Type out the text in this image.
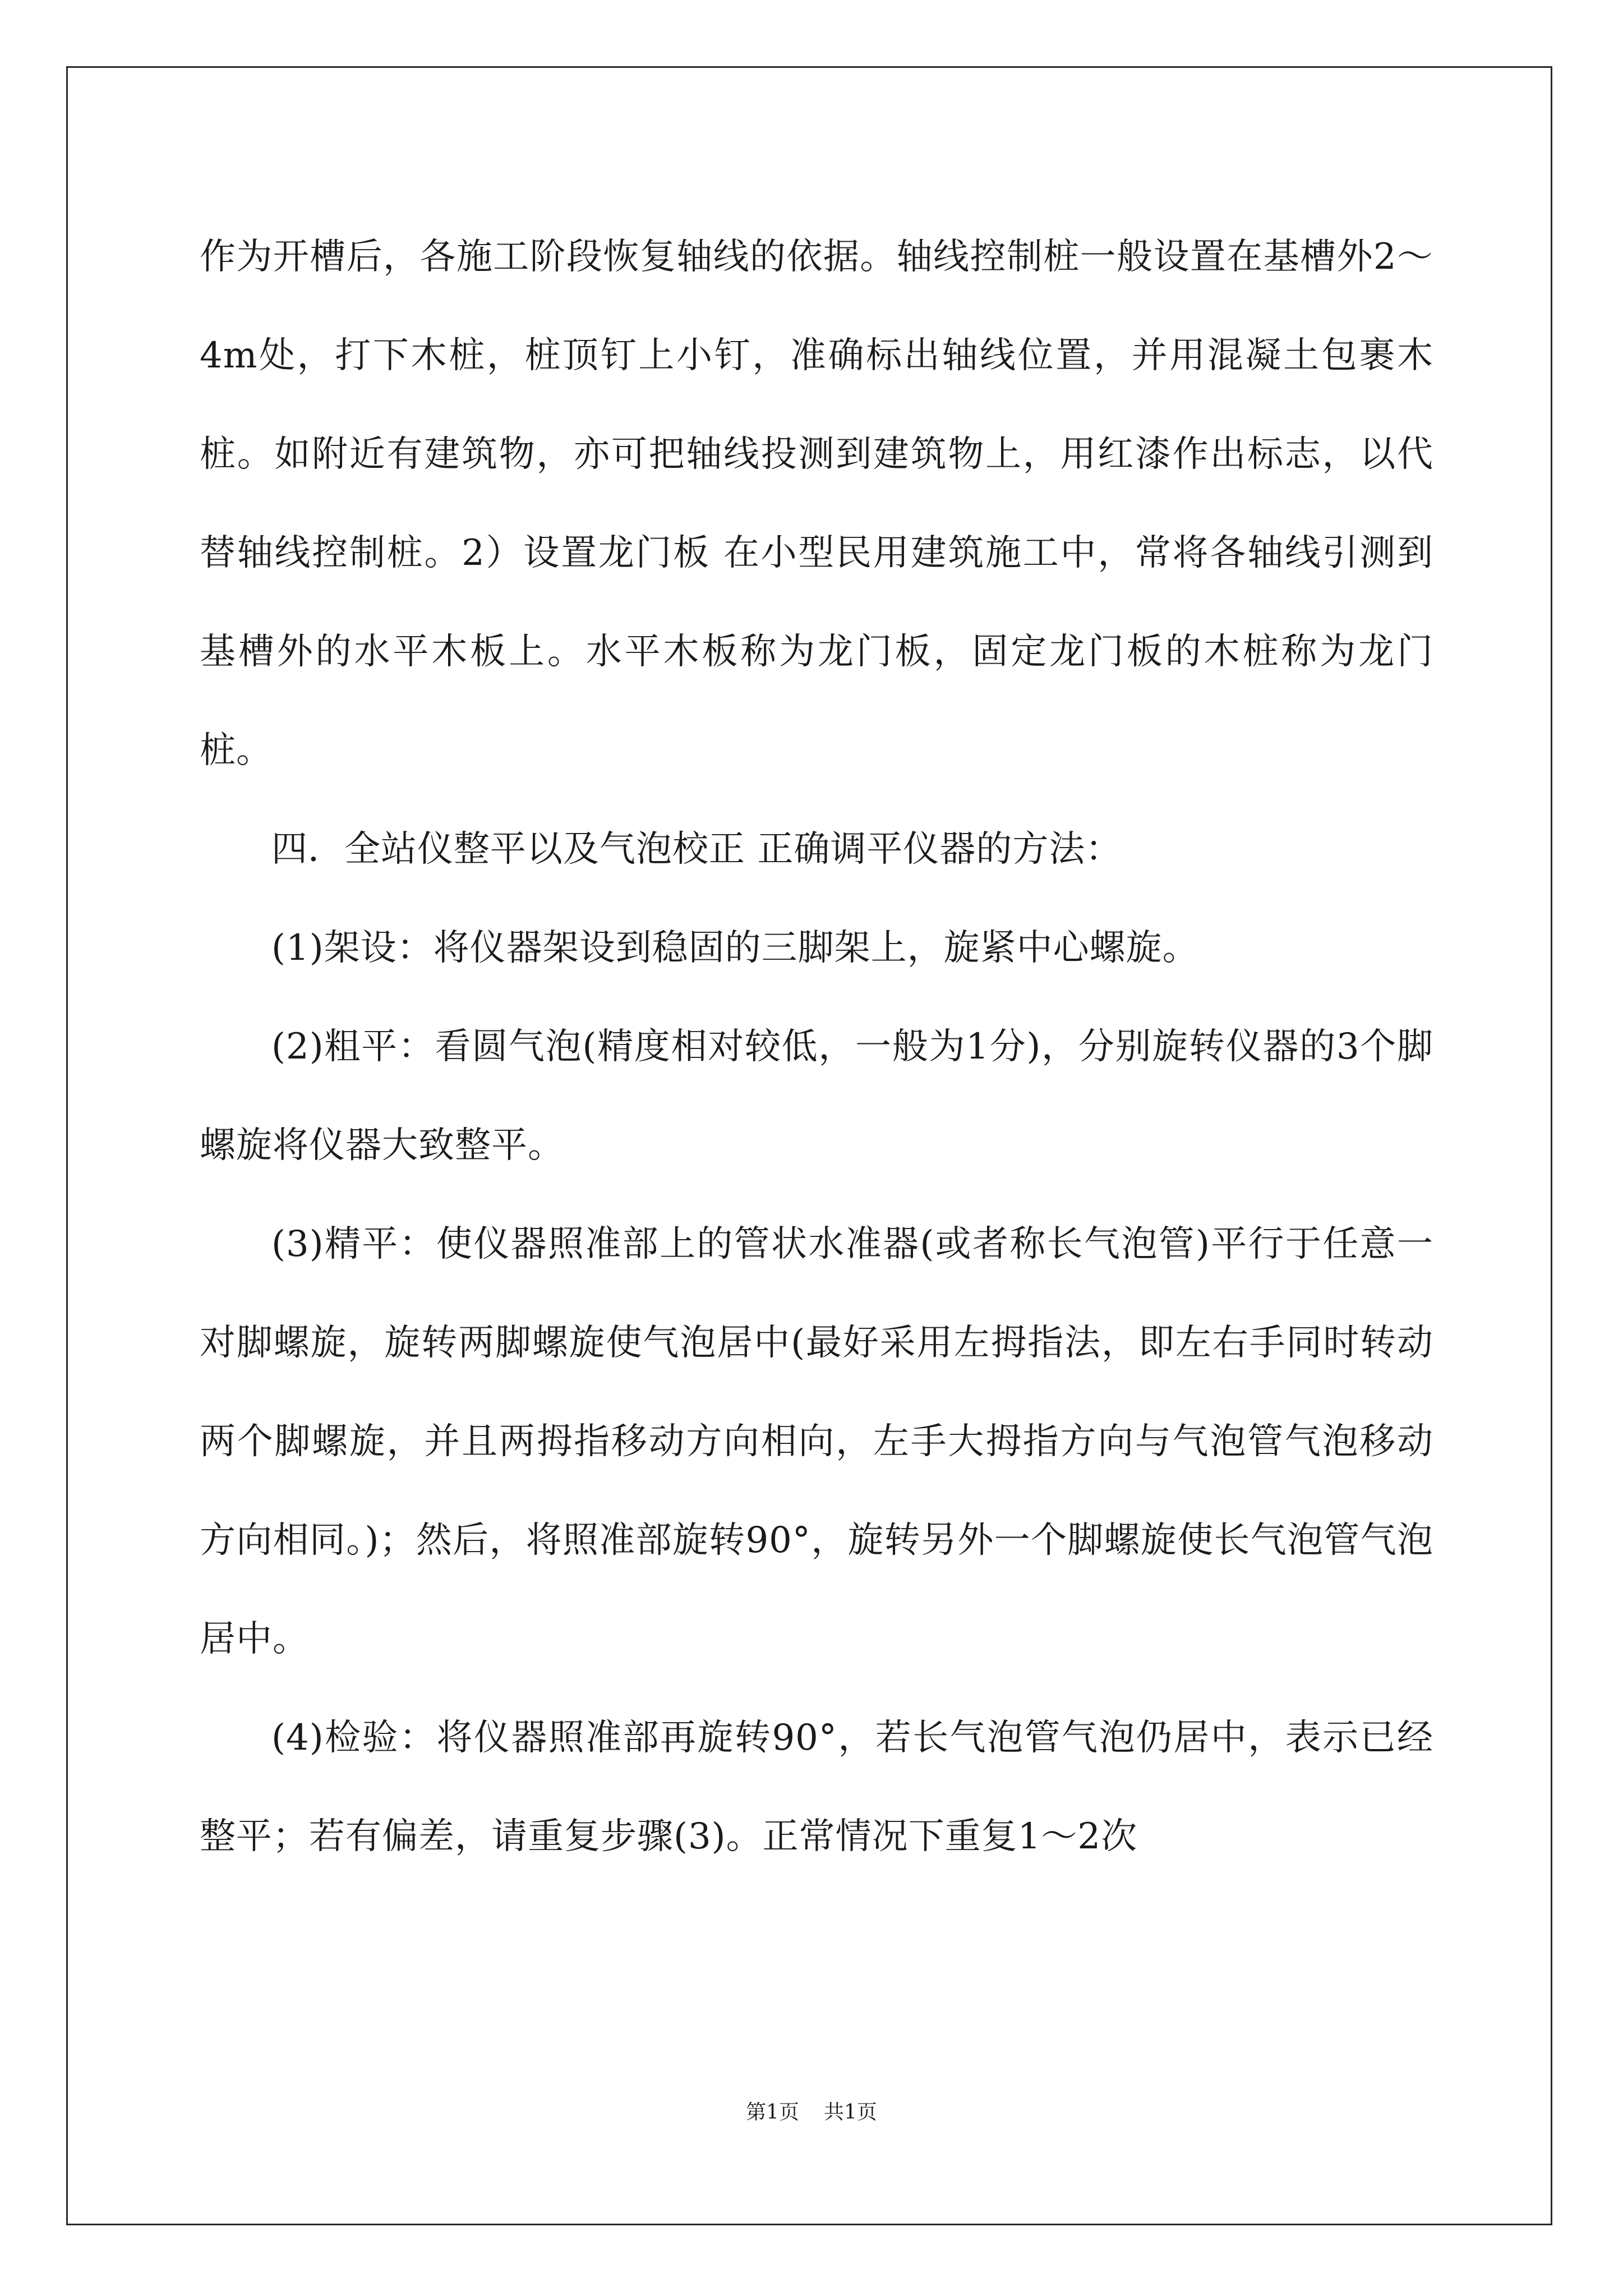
作为开槽后，各施工阶段恢复轴线的依据。轴线控制桩一般设置在基槽外2～4m处，打下木桩，桩顶钉上小钉，准确标出轴线位置，并用混凝土包裹木桩。如附近有建筑物，亦可把轴线投测到建筑物上，用红漆作出标志，以代替轴线控制桩。2）设置龙门板 在小型民用建筑施工中，常将各轴线引测到基槽外的水平木板上。水平木板称为龙门板，固定龙门板的木桩称为龙门桩。

四．全站仪整平以及气泡校正 正确调平仪器的方法：

(1)架设：将仪器架设到稳固的三脚架上，旋紧中心螺旋。

(2)粗平：看圆气泡(精度相对较低，一般为1分)，分别旋转仪器的3个脚螺旋将仪器大致整平。

(3)精平：使仪器照准部上的管状水准器(或者称长气泡管)平行于任意一对脚螺旋，旋转两脚螺旋使气泡居中(最好采用左拇指法，即左右手同时转动两个脚螺旋，并且两拇指移动方向相向，左手大拇指方向与气泡管气泡移动方向相同。)；然后，将照准部旋转90°，旋转另外一个脚螺旋使长气泡管气泡居中。

(4)检验：将仪器照准部再旋转90°，若长气泡管气泡仍居中，表示已经整平；若有偏差，请重复步骤(3)。正常情况下重复1～2次

第1页 共1页
